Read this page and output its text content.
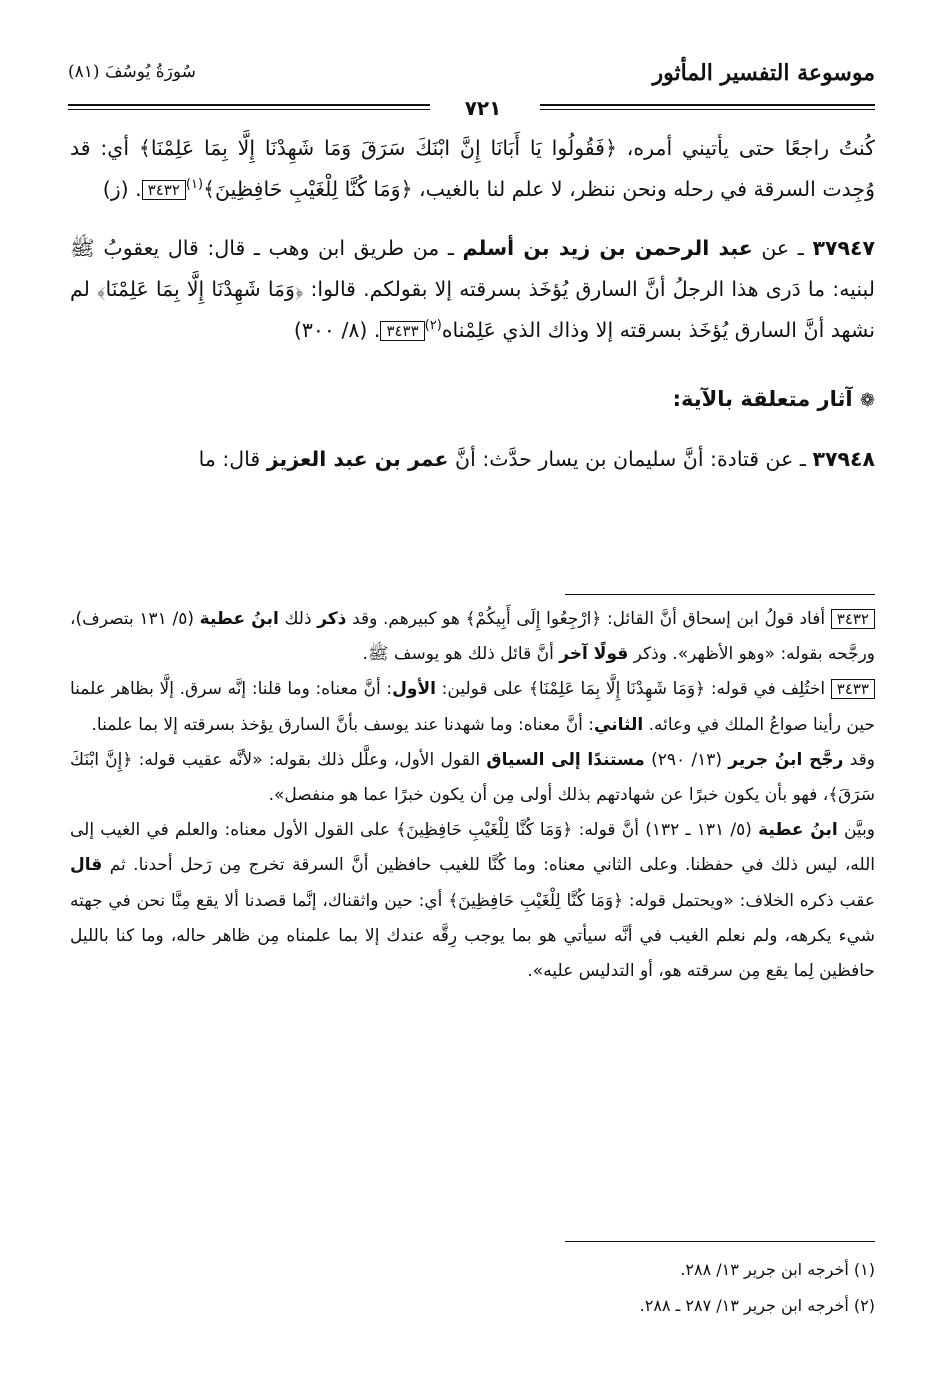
موسوعة التفسير المأثور
سُورَةُ يُوسُفَ (٨١)
٧٢١

كُنتُ راجعًا حتى يأتيني أمره، ﴿فَقُولُوا يَا أَبَانَا إِنَّ ابْنَكَ سَرَقَ وَمَا شَهِدْنَا إِلَّا بِمَا عَلِمْنَا﴾ أي: قد وُجِدت السرقة في رحله ونحن ننظر، لا علم لنا بالغيب، ﴿وَمَا كُنَّا لِلْغَيْبِ حَافِظِينَ﴾$^{(١)}$٣٤٣٢. (ز)

٣٧٩٤٧ ـ عن عبد الرحمن بن زيد بن أسلم ـ من طريق ابن وهب ـ قال: قال يعقوبُ ﷺ لبنيه: ما دَرى هذا الرجلُ أنَّ السارق يُؤخَذ بسرقته إلا بقولكم. قالوا: ﴿وَمَا شَهِدْنَا إِلَّا بِمَا عَلِمْنَا﴾ لم نشهد أنَّ السارق يُؤخَذ بسرقته إلا وذاك الذي عَلِمْناه$^{(٢)}$٣٤٣٣. (٨/ ٣٠٠)

❁ آثار متعلقة بالآية:

٣٧٩٤٨ ـ عن قتادة: أنَّ سليمان بن يسار حدَّث: أنَّ عمر بن عبد العزيز قال: ما

٣٤٣٢ أفاد قولُ ابن إسحاق أنَّ القائل: ﴿ارْجِعُوا إِلَى أَبِيكُمْ﴾ هو كبيرهم. وقد ذكر ذلك ابنُ عطية (٥/ ١٣١ بتصرف)، ورجَّحه بقوله: «وهو الأظهر». وذكر قولًا آخر أنَّ قائل ذلك هو يوسف ﷺ.

٣٤٣٣ اختُلِف في قوله: ﴿وَمَا شَهِدْنَا إِلَّا بِمَا عَلِمْنَا﴾ على قولين: الأول: أنَّ معناه: وما قلنا: إنَّه سرق. إلَّا بظاهر علمنا حين رأينا صواعُ الملك في وعائه. الثاني: أنَّ معناه: وما شهدنا عند يوسف بأنَّ السارق يؤخذ بسرقته إلا بما علمنا.

وقد رجَّح ابنُ جرير (١٣/ ٢٩٠) مستندًا إلى السياق القول الأول، وعلَّل ذلك بقوله: «لأنَّه عقيب قوله: ﴿إِنَّ ابْنَكَ سَرَقَ﴾، فهو بأن يكون خبرًا عن شهادتهم بذلك أولى مِن أن يكون خبرًا عما هو منفصل».

وبيَّن ابنُ عطية (٥/ ١٣١ ـ ١٣٢) أنَّ قوله: ﴿وَمَا كُنَّا لِلْغَيْبِ حَافِظِينَ﴾ على القول الأول معناه: والعلم في الغيب إلى الله، ليس ذلك في حفظنا. وعلى الثاني معناه: وما كُنَّا للغيب حافظين أنَّ السرقة تخرج مِن رَحل أحدنا. ثم قال عقب ذكره الخلاف: «ويحتمل قوله: ﴿وَمَا كُنَّا لِلْغَيْبِ حَافِظِينَ﴾ أي: حين واثقناك، إنَّما قصدنا ألا يقع مِنَّا نحن في جهته شيء يكرهه، ولم نعلم الغيب في أنَّه سيأتي هو بما يوجب رِقَّه عندك إلا بما علمناه مِن ظاهر حاله، وما كنا بالليل حافظين لِما يقع مِن سرقته هو، أو التدليس عليه».

(١) أخرجه ابن جرير ١٣/ ٢٨٨.

(٢) أخرجه ابن جرير ١٣/ ٢٨٧ ـ ٢٨٨.
